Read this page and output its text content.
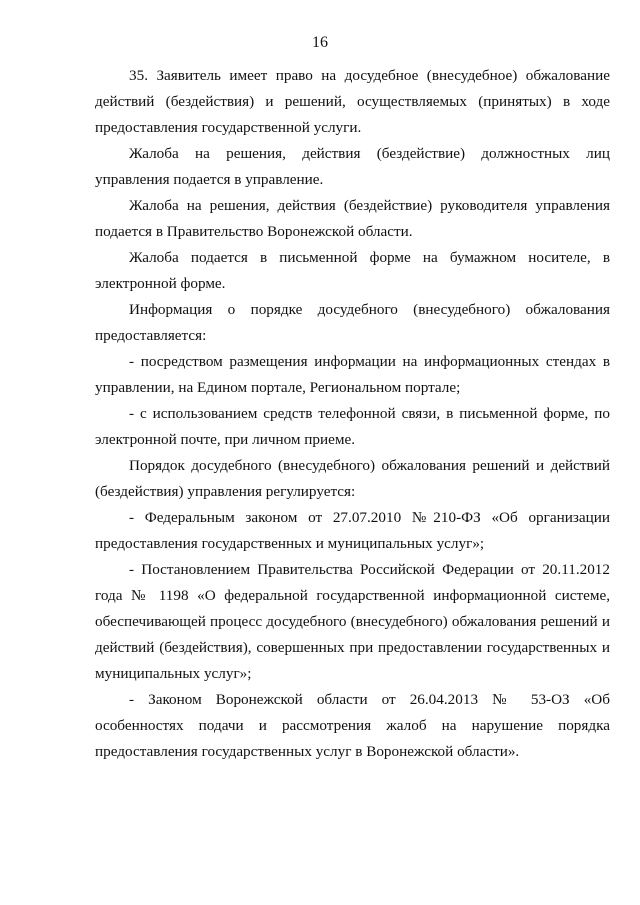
16

35. Заявитель имеет право на досудебное (внесудебное) обжалование действий (бездействия) и решений, осуществляемых (принятых) в ходе предоставления государственной услуги.

Жалоба на решения, действия (бездействие) должностных лиц управления подается в управление.

Жалоба на решения, действия (бездействие) руководителя управления подается в Правительство Воронежской области.

Жалоба подается в письменной форме на бумажном носителе, в электронной форме.

Информация о порядке досудебного (внесудебного) обжалования предоставляется:

- посредством размещения информации на информационных стендах в управлении, на Едином портале, Региональном портале;

- с использованием средств телефонной связи, в письменной форме, по электронной почте, при личном приеме.

Порядок досудебного (внесудебного) обжалования решений и действий (бездействия) управления регулируется:

- Федеральным законом от 27.07.2010 №210-ФЗ «Об организации предоставления государственных и муниципальных услуг»;

- Постановлением Правительства Российской Федерации от 20.11.2012 года № 1198 «О федеральной государственной информационной системе, обеспечивающей процесс досудебного (внесудебного) обжалования решений и действий (бездействия), совершенных при предоставлении государственных и муниципальных услуг»;

- Законом Воронежской области от 26.04.2013 № 53-ОЗ «Об особенностях подачи и рассмотрения жалоб на нарушение порядка предоставления государственных услуг в Воронежской области».
